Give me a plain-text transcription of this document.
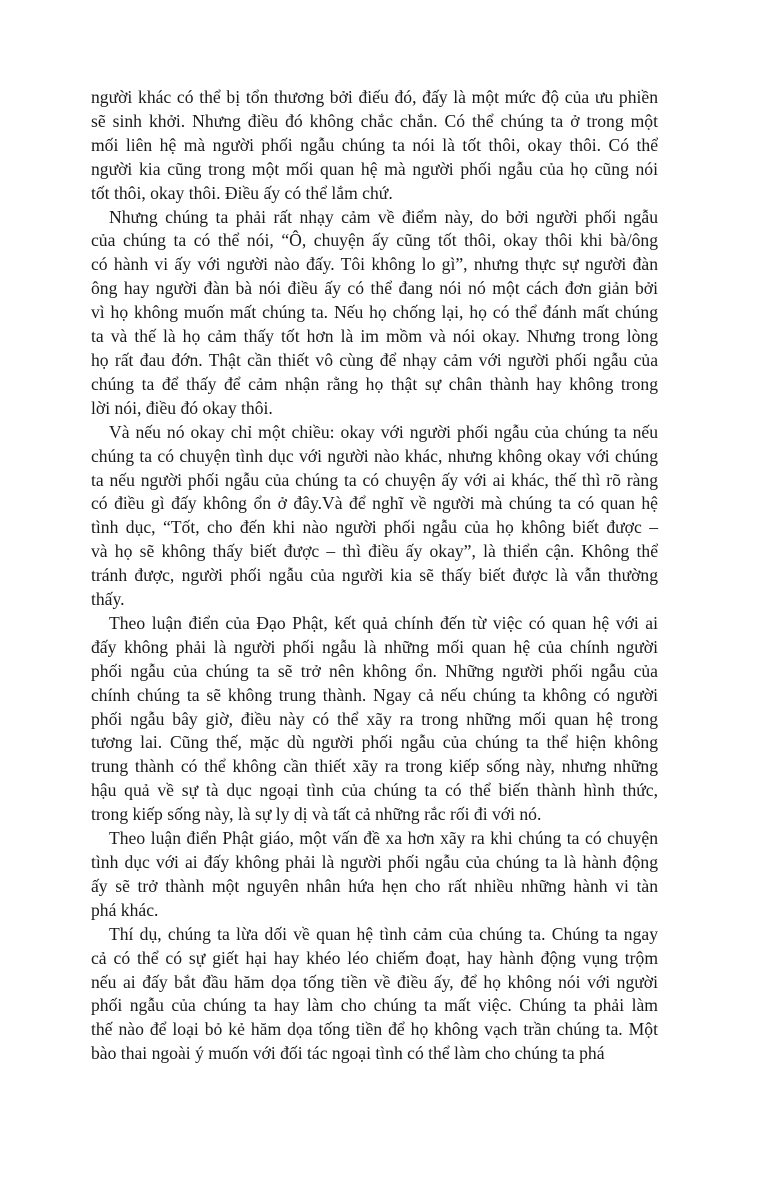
người khác có thể bị tổn thương bởi điếu đó, đấy là một mức độ của ưu phiền
sẽ sinh khởi. Nhưng điều đó không chắc chắn. Có thể chúng ta ở trong một
mối liên hệ mà người phối ngẫu chúng ta nói là tốt thôi, okay thôi. Có thể
người kia cũng trong một mối quan hệ mà người phối ngẫu của họ cũng nói
tốt thôi, okay thôi. Điều ấy có thể lắm chứ.
Nhưng chúng ta phải rất nhạy cảm về điểm này, do bởi người phối ngẫu
của chúng ta có thể nói, “Ô, chuyện ấy cũng tốt thôi, okay thôi khi bà/ông
có hành vi ấy với người nào đấy. Tôi không lo gì”, nhưng thực sự người đàn
ông hay người đàn bà nói điều ấy có thể đang nói nó một cách đơn giản bởi
vì họ không muốn mất chúng ta. Nếu họ chống lại, họ có thể đánh mất chúng
ta và thế là họ cảm thấy tốt hơn là im mồm và nói okay. Nhưng trong lòng
họ rất đau đớn. Thật cần thiết vô cùng để nhạy cảm với người phối ngẫu của
chúng ta để thấy để cảm nhận rằng họ thật sự chân thành hay không trong
lời nói, điều đó okay thôi.
Và nếu nó okay chỉ một chiều: okay với người phối ngẫu của chúng ta nếu
chúng ta có chuyện tình dục với người nào khác, nhưng không okay với chúng
ta nếu người phối ngẫu của chúng ta có chuyện ấy với ai khác, thế thì rõ ràng
có điều gì đấy không ổn ở đây.Và để nghĩ về người mà chúng ta có quan hệ
tình dục, “Tốt, cho đến khi nào người phối ngẫu của họ không biết được –
và họ sẽ không thấy biết được – thì điều ấy okay”, là thiển cận. Không thể
tránh được, người phối ngẫu của người kia sẽ thấy biết được là vẫn thường
thấy.
Theo luận điển của Đạo Phật, kết quả chính đến từ việc có quan hệ với ai
đấy không phải là người phối ngẫu là những mối quan hệ của chính người
phối ngẫu của chúng ta sẽ trở nên không ổn. Những người phối ngẫu của
chính chúng ta sẽ không trung thành. Ngay cả nếu chúng ta không có người
phối ngẫu bây giờ, điều này có thể xãy ra trong những mối quan hệ trong
tương lai. Cũng thế, mặc dù người phối ngẫu của chúng ta thể hiện không
trung thành có thể không cần thiết xãy ra trong kiếp sống này, nhưng những
hậu quả về sự tà dục ngoại tình của chúng ta có thể biến thành hình thức,
trong kiếp sống này, là sự ly dị và tất cả những rắc rối đi với nó.
Theo luận điển Phật giáo, một vấn đề xa hơn xãy ra khi chúng ta có chuyện
tình dục với ai đấy không phải là người phối ngẫu của chúng ta là hành động
ấy sẽ trở thành một nguyên nhân hứa hẹn cho rất nhiều những hành vi tàn
phá khác.
Thí dụ, chúng ta lừa dối về quan hệ tình cảm của chúng ta. Chúng ta ngay
cả có thể có sự giết hại hay khéo léo chiếm đoạt, hay hành động vụng trộm
nếu ai đấy bắt đầu hăm dọa tống tiền về điều ấy, để họ không nói với người
phối ngẫu của chúng ta hay làm cho chúng ta mất việc. Chúng ta phải làm
thế nào để loại bỏ kẻ hăm dọa tống tiền để họ không vạch trần chúng ta. Một
bào thai ngoài ý muốn với đối tác ngoại tình có thể làm cho chúng ta phá
